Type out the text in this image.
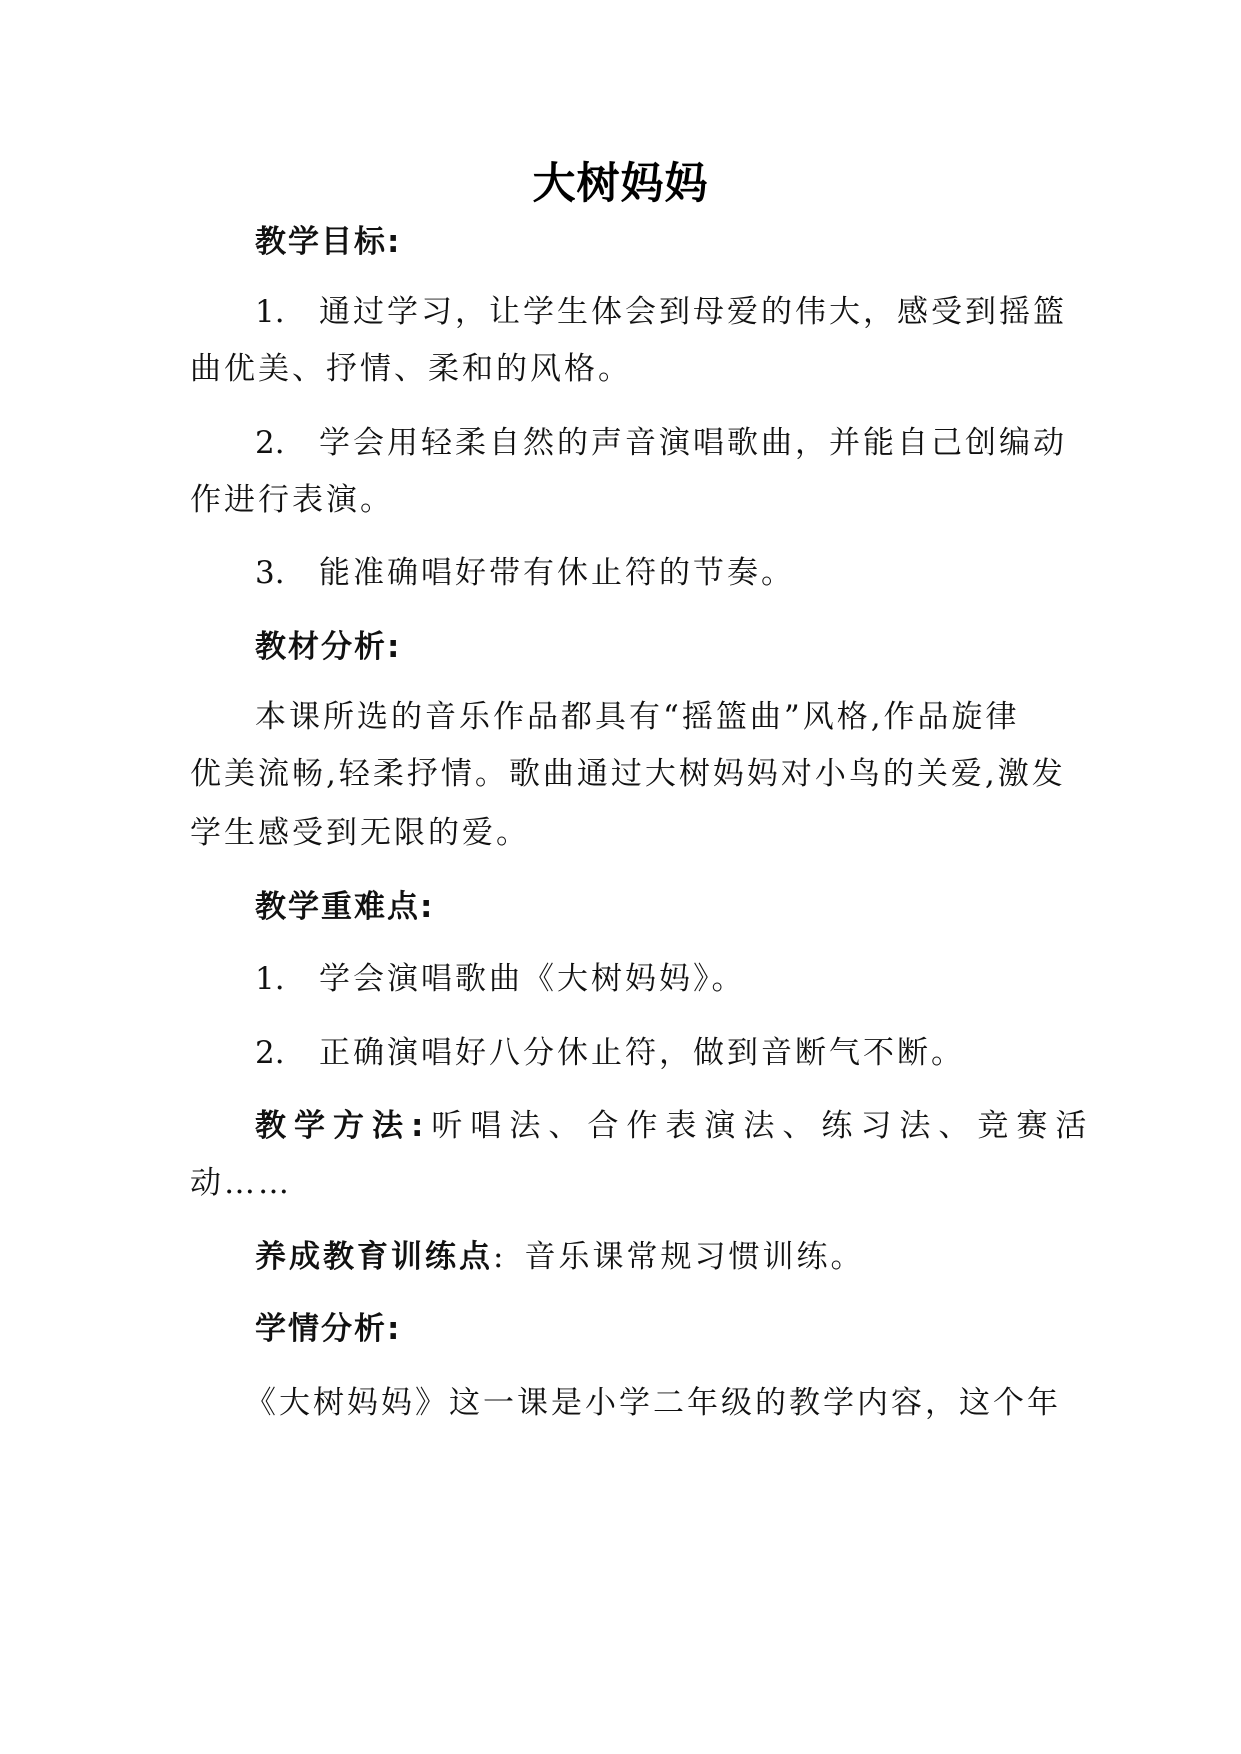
大树妈妈
教学目标:
1. 通过学习，让学生体会到母爱的伟大，感受到摇篮
曲优美、抒情、柔和的风格。
2. 学会用轻柔自然的声音演唱歌曲，并能自己创编动
作进行表演。
3. 能准确唱好带有休止符的节奏。
教材分析:
本课所选的音乐作品都具有“摇篮曲”风格,作品旋律
优美流畅,轻柔抒情。歌曲通过大树妈妈对小鸟的关爱,激发
学生感受到无限的爱。
教学重难点:
1. 学会演唱歌曲《大树妈妈》。
2. 正确演唱好八分休止符，做到音断气不断。
教学方法:听唱法、合作表演法、练习法、竞赛活
动……
养成教育训练点: 音乐课常规习惯训练。
学情分析:
《大树妈妈》这一课是小学二年级的教学内容，这个年
